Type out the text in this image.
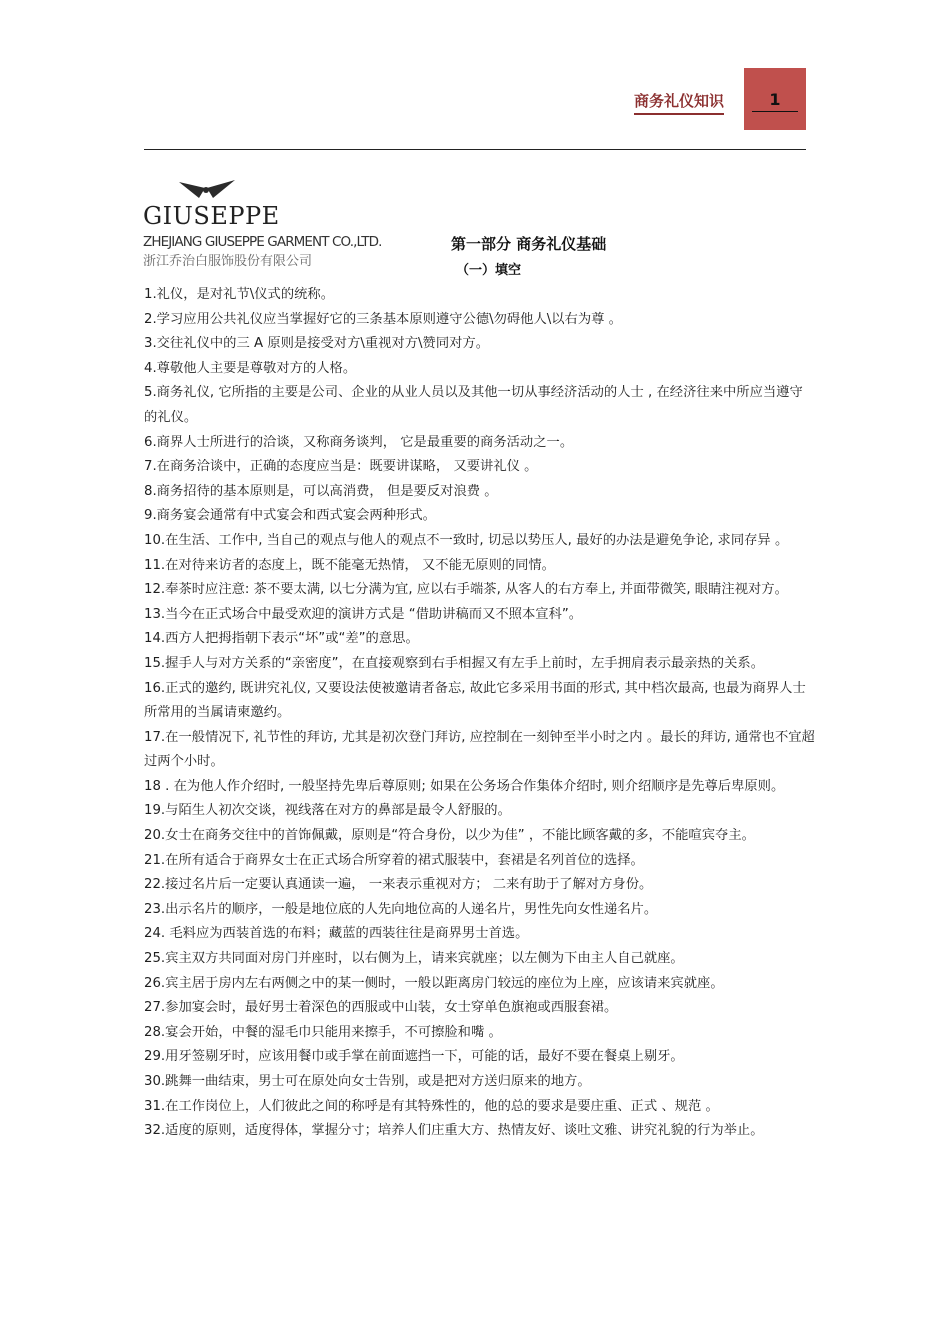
商务礼仪知识	1
GIUSEPPE
ZHEJIANG GIUSEPPE GARMENT CO.,LTD.
浙江乔治白服饰股份有限公司
第一部分 商务礼仪基础
（一）填空
1.礼仪，是对礼节\仪式的统称。
2.学习应用公共礼仪应当掌握好它的三条基本原则遵守公德\勿碍他人\以右为尊 。
3.交往礼仪中的三 A 原则是接受对方\重视对方\赞同对方。
4.尊敬他人主要是尊敬对方的人格。
5.商务礼仪, 它所指的主要是公司、企业的从业人员以及其他一切从事经济活动的人士 , 在经济往来中所应当遵守的礼仪。
6.商界人士所进行的洽谈，又称商务谈判， 它是最重要的商务活动之一。
7.在商务洽谈中，正确的态度应当是：既要讲谋略， 又要讲礼仪 。
8.商务招待的基本原则是，可以高消费， 但是要反对浪费 。
9.商务宴会通常有中式宴会和西式宴会两种形式。
10.在生活、工作中, 当自己的观点与他人的观点不一致时, 切忌以势压人, 最好的办法是避免争论, 求同存异 。
11.在对待来访者的态度上，既不能毫无热情， 又不能无原则的同情。
12.奉茶时应注意: 茶不要太满, 以七分满为宜, 应以右手端茶, 从客人的右方奉上, 并面带微笑, 眼睛注视对方。
13.当今在正式场合中最受欢迎的演讲方式是 “借助讲稿而又不照本宣科”。
14.西方人把拇指朝下表示“坏”或“差”的意思。
15.握手人与对方关系的“亲密度”，在直接观察到右手相握又有左手上前时，左手拥肩表示最亲热的关系。
16.正式的邀约, 既讲究礼仪, 又要设法使被邀请者备忘, 故此它多采用书面的形式, 其中档次最高, 也最为商界人士所常用的当属请柬邀约。
17.在一般情况下, 礼节性的拜访, 尤其是初次登门拜访, 应控制在一刻钟至半小时之内 。最长的拜访, 通常也不宜超过两个小时。
18 . 在为他人作介绍时, 一般坚持先卑后尊原则; 如果在公务场合作集体介绍时, 则介绍顺序是先尊后卑原则。
19.与陌生人初次交谈，视线落在对方的鼻部是最令人舒服的。
20.女士在商务交往中的首饰佩戴，原则是“符合身份，以少为佳” ，不能比顾客戴的多，不能喧宾夺主。
21.在所有适合于商界女士在正式场合所穿着的裙式服装中，套裙是名列首位的选择。
22.接过名片后一定要认真通读一遍， 一来表示重视对方； 二来有助于了解对方身份。
23.出示名片的顺序，一般是地位底的人先向地位高的人递名片，男性先向女性递名片。
24. 毛料应为西装首选的布料；藏蓝的西装往往是商界男士首选。
25.宾主双方共同面对房门并座时，以右侧为上，请来宾就座；以左侧为下由主人自己就座。
26.宾主居于房内左右两侧之中的某一侧时，一般以距离房门较远的座位为上座，应该请来宾就座。
27.参加宴会时，最好男士着深色的西服或中山装，女士穿单色旗袍或西服套裙。
28.宴会开始，中餐的湿毛巾只能用来擦手，不可擦脸和嘴 。
29.用牙签剔牙时，应该用餐巾或手掌在前面遮挡一下，可能的话，最好不要在餐桌上剔牙。
30.跳舞一曲结束，男士可在原处向女士告别，或是把对方送归原来的地方。
31.在工作岗位上，人们彼此之间的称呼是有其特殊性的，他的总的要求是要庄重、正式 、规范 。
32.适度的原则，适度得体，掌握分寸；培养人们庄重大方、热情友好、谈吐文雅、讲究礼貌的行为举止。
